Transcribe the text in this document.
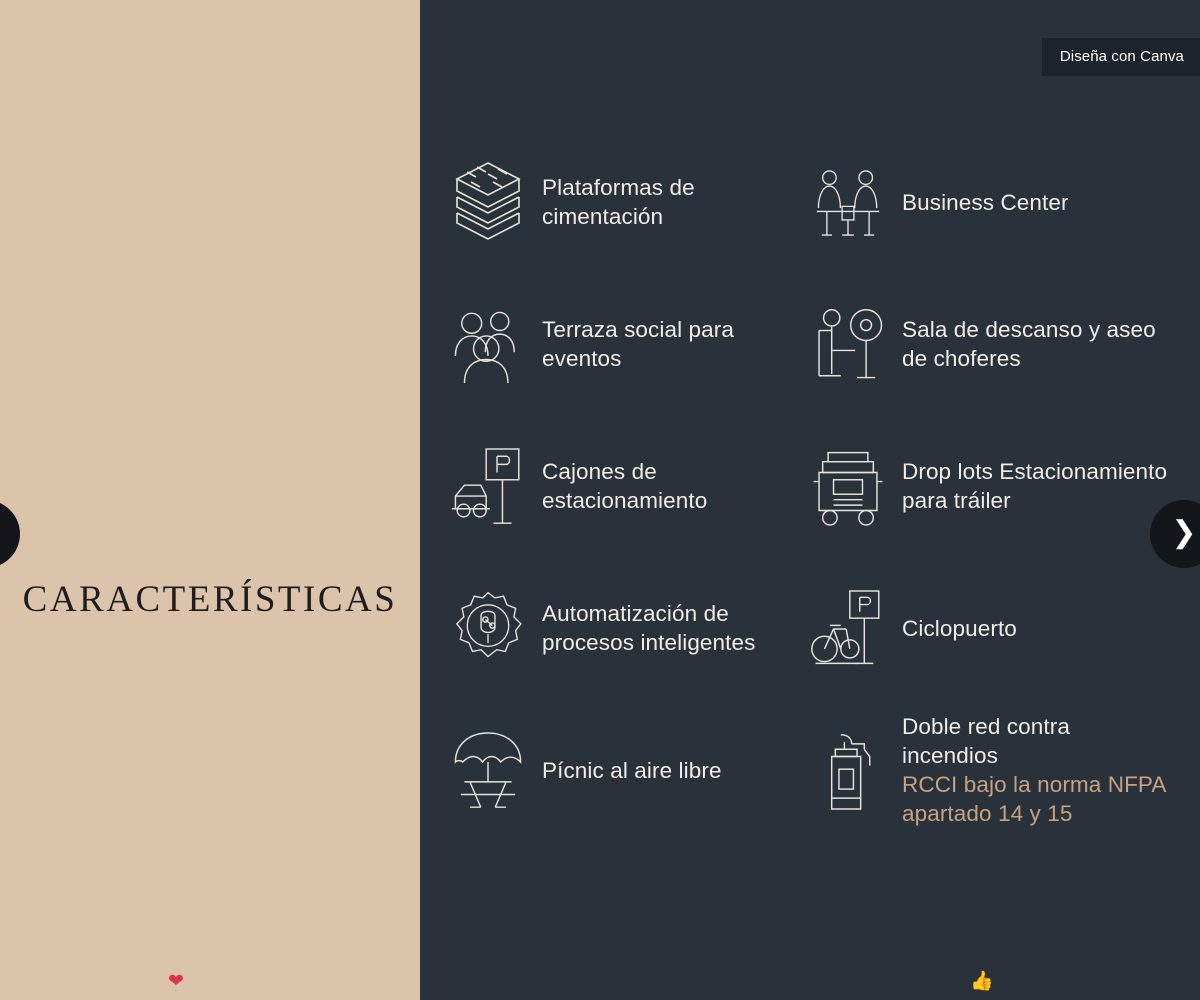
CARACTERÍSTICAS
❤
Diseña con Canva
Plataformas de cimentación
Business Center
Terraza social para eventos
Sala de descanso y aseo de choferes
Cajones de estacionamiento
Drop lots Estacionamiento para tráiler
Automatización de procesos inteligentes
Ciclopuerto
Pícnic al aire libre
Doble red contra incendios
RCCI bajo la norma NFPA apartado 14 y 15
👍
❯
